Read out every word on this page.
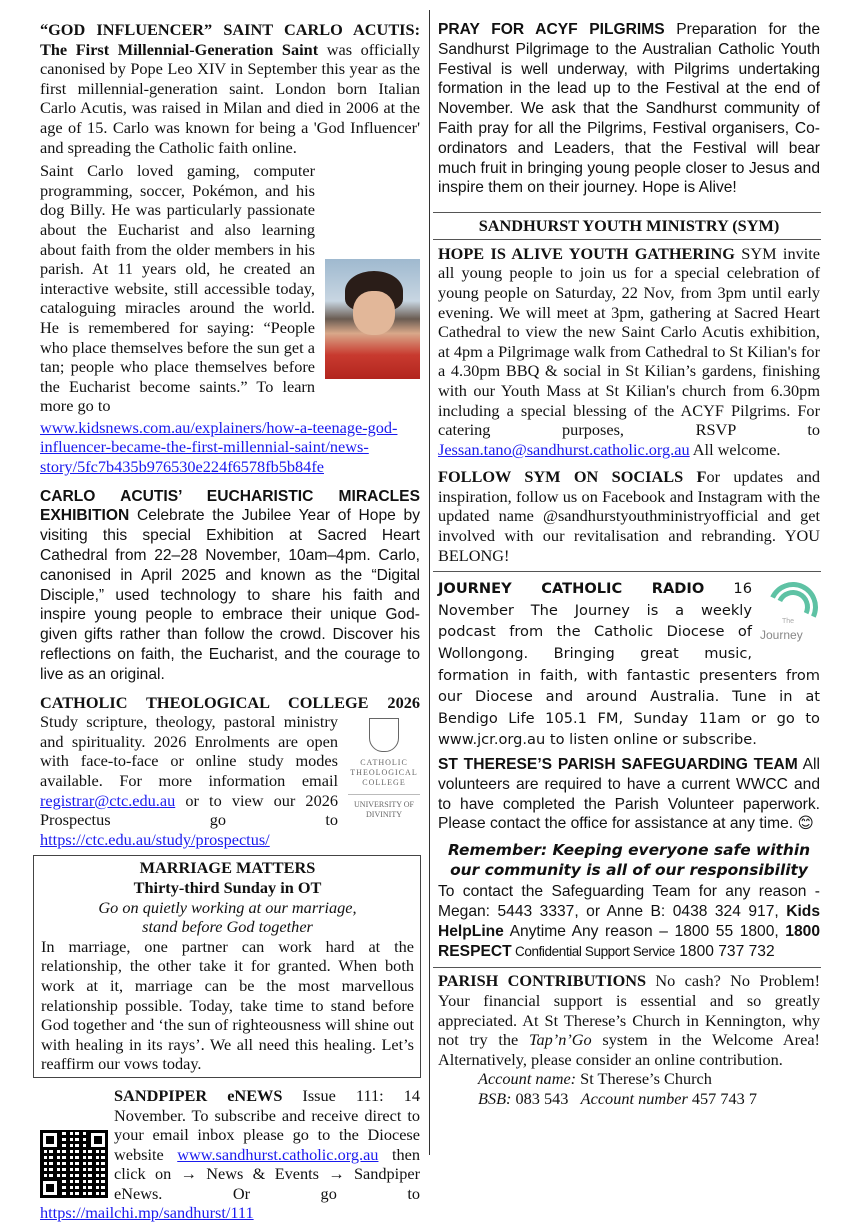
“GOD INFLUENCER” SAINT CARLO ACUTIS: The First Millennial-Generation Saint was officially canonised by Pope Leo XIV in September this year as the first millennial-generation saint. London born Italian Carlo Acutis, was raised in Milan and died in 2006 at the age of 15. Carlo was known for being a 'God Influencer' and spreading the Catholic faith online.

Saint Carlo loved gaming, computer programming, soccer, Pokémon, and his dog Billy. He was particularly passionate about the Eucharist and also learning about faith from the older members in his parish. At 11 years old, he created an interactive website, still accessible today, cataloguing miracles around the world. He is remembered for saying: “People who place themselves before the sun get a tan; people who place themselves before the Eucharist become saints.” To learn more go to

www.kidsnews.com.au/explainers/how-a-teenage-god-influencer-became-the-first-millennial-saint/news-story/5fc7b435b976530e224f6578fb5b84fe

CARLO ACUTIS’ EUCHARISTIC MIRACLES EXHIBITION Celebrate the Jubilee Year of Hope by visiting this special Exhibition at Sacred Heart Cathedral from 22–28 November, 10am–4pm. Carlo, canonised in April 2025 and known as the “Digital Disciple,” used technology to share his faith and inspire young people to embrace their unique God-given gifts rather than follow the crowd. Discover his reflections on faith, the Eucharist, and the courage to live as an original.

CATHOLIC THEOLOGICAL COLLEGE 2026

CATHOLIC THEOLOGICAL COLLEGE
UNIVERSITY OF DIVINITY
Study scripture, theology, pastoral ministry and spirituality. 2026 Enrolments are open with face-to-face or online study modes available. For more information email registrar@ctc.edu.au or to view our 2026 Prospectus go to https://ctc.edu.au/study/prospectus/

MARRIAGE MATTERS

Thirty-third Sunday in OT

Go on quietly working at our marriage,

stand before God together

In marriage, one partner can work hard at the relationship, the other take it for granted. When both work at it, marriage can be the most marvellous relationship possible. Today, take time to stand before God together and ‘the sun of righteousness will shine out with healing in its rays’. We all need this healing. Let’s reaffirm our vows today.

SANDPIPER eNEWS Issue 111: 14 November. To subscribe and receive direct to your email inbox please go to the Diocese website www.sandhurst.catholic.org.au then click on → News & Events → Sandpiper eNews. Or go to https://mailchi.mp/sandhurst/111

PRAY FOR ACYF PILGRIMS Preparation for the Sandhurst Pilgrimage to the Australian Catholic Youth Festival is well underway, with Pilgrims undertaking formation in the lead up to the Festival at the end of November. We ask that the Sandhurst community of Faith pray for all the Pilgrims, Festival organisers, Co-ordinators and Leaders, that the Festival will bear much fruit in bringing young people closer to Jesus and inspire them on their journey. Hope is Alive!

SANDHURST YOUTH MINISTRY (SYM)

HOPE IS ALIVE YOUTH GATHERING SYM invite all young people to join us for a special celebration of young people on Saturday, 22 Nov, from 3pm until early evening. We will meet at 3pm, gathering at Sacred Heart Cathedral to view the new Saint Carlo Acutis exhibition, at 4pm a Pilgrimage walk from Cathedral to St Kilian's for a 4.30pm BBQ & social in St Kilian’s gardens, finishing with our Youth Mass at St Kilian's church from 6.30pm including a special blessing of the ACYF Pilgrims. For catering purposes, RSVP to Jessan.tano@sandhurst.catholic.org.au All welcome.

FOLLOW SYM ON SOCIALS For updates and inspiration, follow us on Facebook and Instagram with the updated name @sandhurstyouthministryofficial and get involved with our revitalisation and rebranding. YOU BELONG!

The
Journey
JOURNEY CATHOLIC RADIO 16 November The Journey is a weekly podcast from the Catholic Diocese of Wollongong. Bringing great music, formation in faith, with fantastic presenters from our Diocese and around Australia. Tune in at Bendigo Life 105.1 FM, Sunday 11am or go to www.jcr.org.au to listen online or subscribe.

ST THERESE’S PARISH SAFEGUARDING TEAM All volunteers are required to have a current WWCC and to have completed the Parish Volunteer paperwork. Please contact the office for assistance at any time. 😊

Remember: Keeping everyone safe within our community is all of our responsibility

To contact the Safeguarding Team for any reason - Megan: 5443 3337, or Anne B: 0438 324 917, Kids HelpLine Anytime Any reason – 1800 55 1800, 1800 RESPECT Confidential Support Service 1800 737 732

PARISH CONTRIBUTIONS No cash? No Problem! Your financial support is essential and so greatly appreciated. At St Therese’s Church in Kennington, why not try the Tap’n’Go system in the Welcome Area! Alternatively, please consider an online contribution.

Account name: St Therese’s Church

BSB: 083 543 Account number 457 743 7
